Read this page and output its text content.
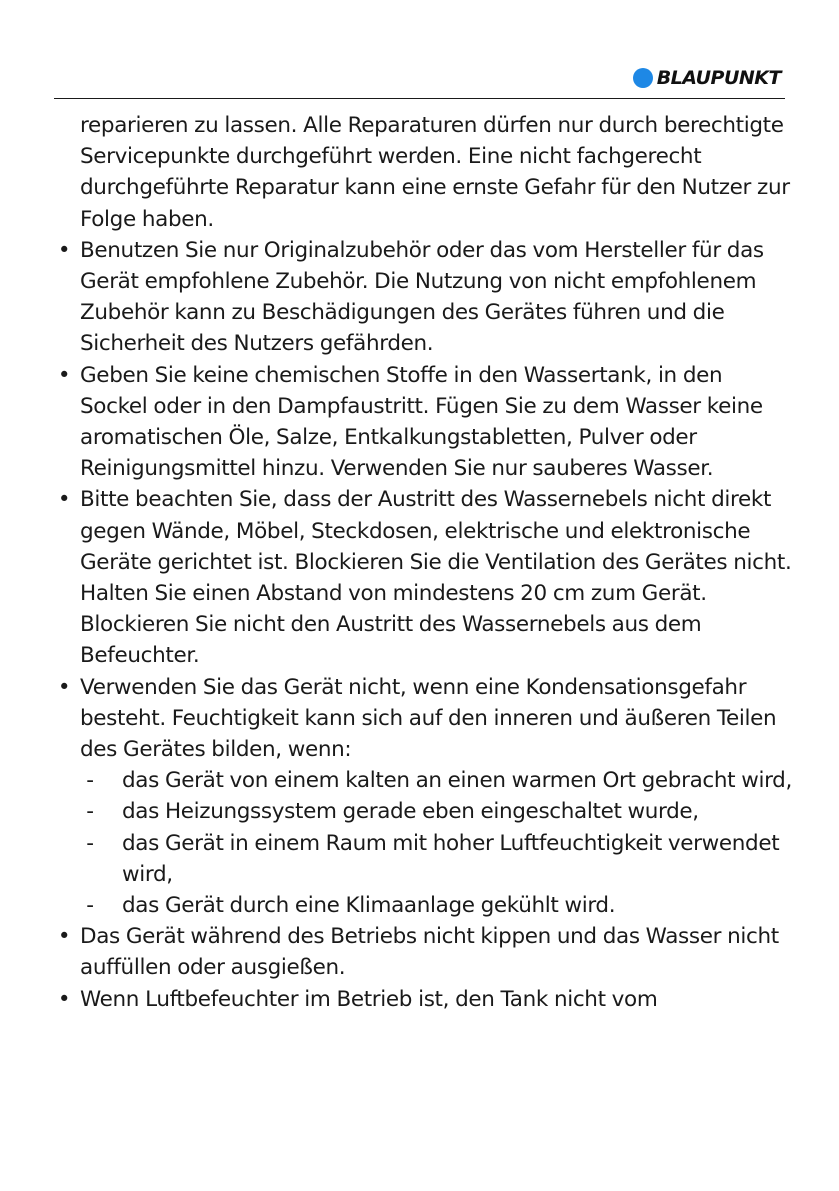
BLAUPUNKT

reparieren zu lassen. Alle Reparaturen dürfen nur durch berechtigte Servicepunkte durchgeführt werden. Eine nicht fachgerecht durchgeführte Reparatur kann eine ernste Gefahr für den Nutzer zur Folge haben.

• Benutzen Sie nur Originalzubehör oder das vom Hersteller für das Gerät empfohlene Zubehör. Die Nutzung von nicht empfohlenem Zubehör kann zu Beschädigungen des Gerätes führen und die Sicherheit des Nutzers gefährden.

• Geben Sie keine chemischen Stoffe in den Wassertank, in den Sockel oder in den Dampfaustritt. Fügen Sie zu dem Wasser keine aromatischen Öle, Salze, Entkalkungstabletten, Pulver oder Reinigungsmittel hinzu. Verwenden Sie nur sauberes Wasser.

• Bitte beachten Sie, dass der Austritt des Wassernebels nicht direkt gegen Wände, Möbel, Steckdosen, elektrische und elektronische Geräte gerichtet ist. Blockieren Sie die Ventilation des Gerätes nicht. Halten Sie einen Abstand von mindestens 20 cm zum Gerät. Blockieren Sie nicht den Austritt des Wassernebels aus dem Befeuchter.

• Verwenden Sie das Gerät nicht, wenn eine Kondensationsgefahr besteht. Feuchtigkeit kann sich auf den inneren und äußeren Teilen des Gerätes bilden, wenn:

- das Gerät von einem kalten an einen warmen Ort gebracht wird,

- das Heizungssystem gerade eben eingeschaltet wurde,

- das Gerät in einem Raum mit hoher Luftfeuchtigkeit verwendet wird,

- das Gerät durch eine Klimaanlage gekühlt wird.

• Das Gerät während des Betriebs nicht kippen und das Wasser nicht auffüllen oder ausgießen.

• Wenn Luftbefeuchter im Betrieb ist, den Tank nicht vom
